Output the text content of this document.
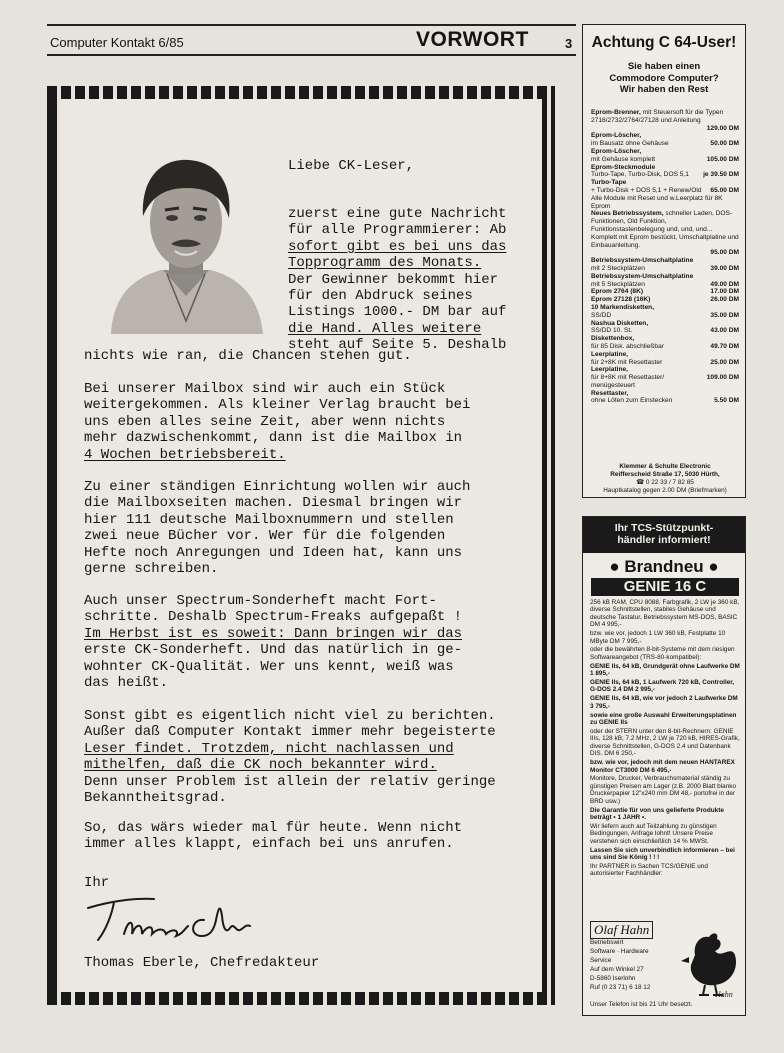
Computer Kontakt 6/85	VORWORT	3
Liebe CK-Leser,
zuerst eine gute Nachricht
für alle Programmierer: Ab
sofort gibt es bei uns das
Topprogramm des Monats.
Der Gewinner bekommt hier
für den Abdruck seines
Listings 1000.- DM bar auf
die Hand. Alles weitere
steht auf Seite 5. Deshalb
nichts wie ran, die Chancen stehen gut.
Bei unserer Mailbox sind wir auch ein Stück
weitergekommen. Als kleiner Verlag braucht bei
uns eben alles seine Zeit, aber wenn nichts
mehr dazwischenkommt, dann ist die Mailbox in
4 Wochen betriebsbereit.
Zu einer ständigen Einrichtung wollen wir auch
die Mailboxseiten machen. Diesmal bringen wir
hier 111 deutsche Mailboxnummern und stellen
zwei neue Bücher vor. Wer für die folgenden
Hefte noch Anregungen und Ideen hat, kann uns
gerne schreiben.
Auch unser Spectrum-Sonderheft macht Fort-
schritte. Deshalb Spectrum-Freaks aufgepaßt !
Im Herbst ist es soweit: Dann bringen wir das
erste CK-Sonderheft. Und das natürlich in ge-
wohnter CK-Qualität. Wer uns kennt, weiß was
das heißt.
Sonst gibt es eigentlich nicht viel zu berichten.
Außer daß Computer Kontakt immer mehr begeisterte
Leser findet. Trotzdem, nicht nachlassen und
mithelfen, daß die CK noch bekannter wird.
Denn unser Problem ist allein der relativ geringe
Bekanntheitsgrad.
So, das wärs wieder mal für heute. Wenn nicht
immer alles klappt, einfach bei uns anrufen.
Ihr
Thomas Eberle, Chefredakteur
Achtung C 64-User!
Sie haben einen
Commodore Computer?
Wir haben den Rest
Eprom-Brenner, mit Steuersoft für die Typen 2716/2732/2764/27128 und Anleitung
129.00 DM
Eprom-Löscher,
im Bausatz ohne Gehäuse	50.00 DM
Eprom-Löscher,
mit Gehäuse komplett	105.00 DM
Eprom-Steckmodule
Turbo-Tape, Turbo-Disk, DOS 5,1 je 39.50 DM
Turbo-Tape
+ Turbo-Disk + DOS 5,1 + Renew/Old 65.00 DM
Alle Module mit Reset und w.Leerplatz für 8K Eprom
Neues Betriebssystem, schneller Laden, DOS-Funktionen, Old Funktion, Funktionstastenbelegung und, und, und... Komplett mit Eprom bestückt, Umschaltplatine und Einbauanleitung.
95.00 DM
Betriebssystem-Umschaltplatine
mit 2 Steckplätzen	39.00 DM
Betriebssystem-Umschaltplatine
mit 5 Steckplätzen	49.00 DM
Eprom 2764 (8K)	17.00 DM
Eprom 27128 (16K)	26.00 DM
10 Markendisketten,
SS/DD	35.00 DM
Nashua Disketten,
SS/DD 10. St.	43.00 DM
Diskettenbox,
für 85 Disk. abschließbar	49.70 DM
Leerplatine,
für 2+8K mit Resettaster	25.00 DM
Leerplatine,
für 8+8K mit Resettaster/ menügesteuert
109.00 DM
Resettaster,
ohne Löten zum Einstecken	5.50 DM
Klemmer & Schulte Electronic
Reifferscheid Straße 17, 5030 Hürth,
☎ 0 22 33 / 7 82 85
Hauptkatalog gegen 2.00 DM (Briefmarken)
Ihr TCS-Stützpunkt-
händler informiert!
● Brandneu ●
GENIE 16 C

256 kB RAM, CPU 8088, Farbgrafik, 2 LW je 360 kB, diverse Schnittstellen, stabiles Gehäuse und deutsche Tastatur, Betriebssystem MS-DOS, BASIC DM 4 995,-

bzw. wie vor, jedoch 1 LW 360 kB, Festplatte 10 MByte DM 7 995,-

oder die bewährten 8-bit-Systeme mit dem riesigen Softwareangebot (TRS-80-kompatibel):

GENIE IIs, 64 kB, Grundgerät ohne Laufwerke DM 1 895,-

GENIE IIs, 64 kB, 1 Laufwerk 720 kB, Controller, G-DOS 2.4 DM 2 995,-

GENIE IIs, 64 kB, wie vor jedoch 2 Laufwerke DM 3 795,-

sowie eine große Auswahl Erweiterungsplatinen zu GENIE IIs

oder der STERN unter den 8-bit-Rechnern: GENIE IIIs, 128 kB, 7.2 MHz, 2 LW je 720 kB, HIRES-Grafik, diverse Schnittstellen, G-DOS 2.4 und Datenbank DIS. DM 6 250,-

bzw. wie vor, jedoch mit dem neuen HANTAREX Monitor CT3000 DM 6 495,-

Monitore, Drucker, Verbrauchsmaterial ständig zu günstigen Preisen am Lager (z.B. 2000 Blatt blanko Druckerpapier 12"x240 mm DM 48,- portofrei in der BRD usw.)

Die Garantie für von uns gelieferte Produkte beträgt • 1 JAHR •.

Wir liefern auch auf Teilzahlung zu günstigen Bedingungen, Anfrage lohnt! Unsere Preise verstehen sich einschließlich 14 % MWSt.

Lassen Sie sich unverbindlich informieren – bei uns sind Sie König ! ! !

Ihr PARTNER in Sachen TCS/GENIE und autorisierter Fachhändler:

Olaf Hahn
Betriebswirt
Software · Hardware
Service
Auf dem Winkel 27
D-5860 Iserlohn
Ruf (0 23 71) 6 18 12
Unser Telefon ist bis 21 Uhr besetzt.
Hahn
